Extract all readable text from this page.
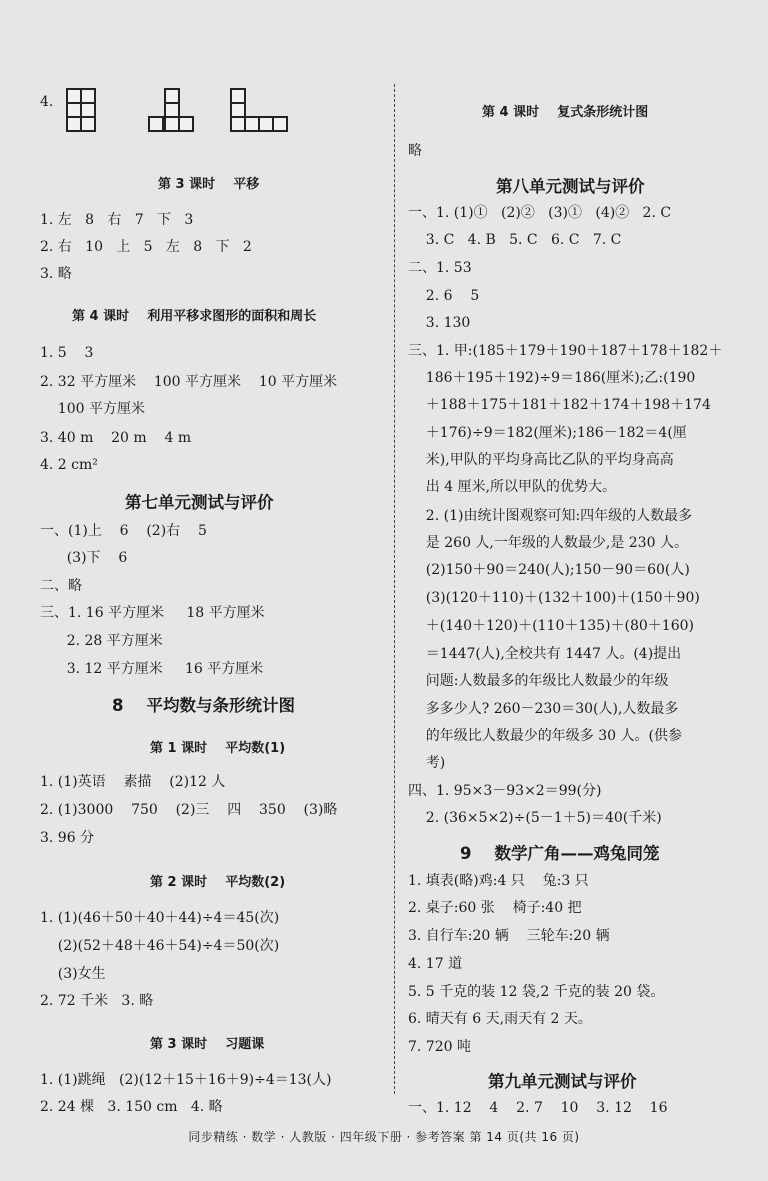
4.
第 3 课时    平移
1. 左   8   右   7   下   3
2. 右   10   上   5   左   8   下   2
3. 略
第 4 课时    利用平移求图形的面积和周长
1. 5    3
2. 32 平方厘米    100 平方厘米    10 平方厘米
100 平方厘米
3. 40 m    20 m    4 m
4. 2 cm²
第七单元测试与评价
一、(1)上    6    (2)右    5
(3)下    6
二、略
三、1. 16 平方厘米     18 平方厘米
2. 28 平方厘米
3. 12 平方厘米     16 平方厘米
8    平均数与条形统计图
第 1 课时    平均数(1)
1. (1)英语    素描    (2)12 人
2. (1)3000    750    (2)三    四    350    (3)略
3. 96 分
第 2 课时    平均数(2)
1. (1)(46＋50＋40＋44)÷4＝45(次)
(2)(52＋48＋46＋54)÷4＝50(次)
(3)女生
2. 72 千米   3. 略
第 3 课时    习题课
1. (1)跳绳   (2)(12＋15＋16＋9)÷4＝13(人)
2. 24 棵   3. 150 cm   4. 略
第 4 课时    复式条形统计图
略
第八单元测试与评价
一、1. (1)①   (2)②   (3)①   (4)②   2. C
3. C   4. B   5. C   6. C   7. C
二、1. 53
2. 6    5
3. 130
三、1. 甲:(185＋179＋190＋187＋178＋182＋
186＋195＋192)÷9＝186(厘米);乙:(190
＋188＋175＋181＋182＋174＋198＋174
＋176)÷9＝182(厘米);186－182＝4(厘
米),甲队的平均身高比乙队的平均身高高
出 4 厘米,所以甲队的优势大。
2. (1)由统计图观察可知:四年级的人数最多
是 260 人,一年级的人数最少,是 230 人。
(2)150＋90＝240(人);150－90＝60(人)
(3)(120＋110)＋(132＋100)＋(150＋90)
＋(140＋120)＋(110＋135)＋(80＋160)
＝1447(人),全校共有 1447 人。(4)提出
问题:人数最多的年级比人数最少的年级
多多少人? 260－230＝30(人),人数最多
的年级比人数最少的年级多 30 人。(供参
考)
四、1. 95×3－93×2＝99(分)
2. (36×5×2)÷(5－1＋5)＝40(千米)
9    数学广角——鸡兔同笼
1. 填表(略)鸡:4 只    兔:3 只
2. 桌子:60 张    椅子:40 把
3. 自行车:20 辆    三轮车:20 辆
4. 17 道
5. 5 千克的装 12 袋,2 千克的装 20 袋。
6. 晴天有 6 天,雨天有 2 天。
7. 720 吨
第九单元测试与评价
一、1. 12    4    2. 7    10    3. 12    16
同步精练 · 数学 · 人教版 · 四年级下册 · 参考答案 第 14 页(共 16 页)
